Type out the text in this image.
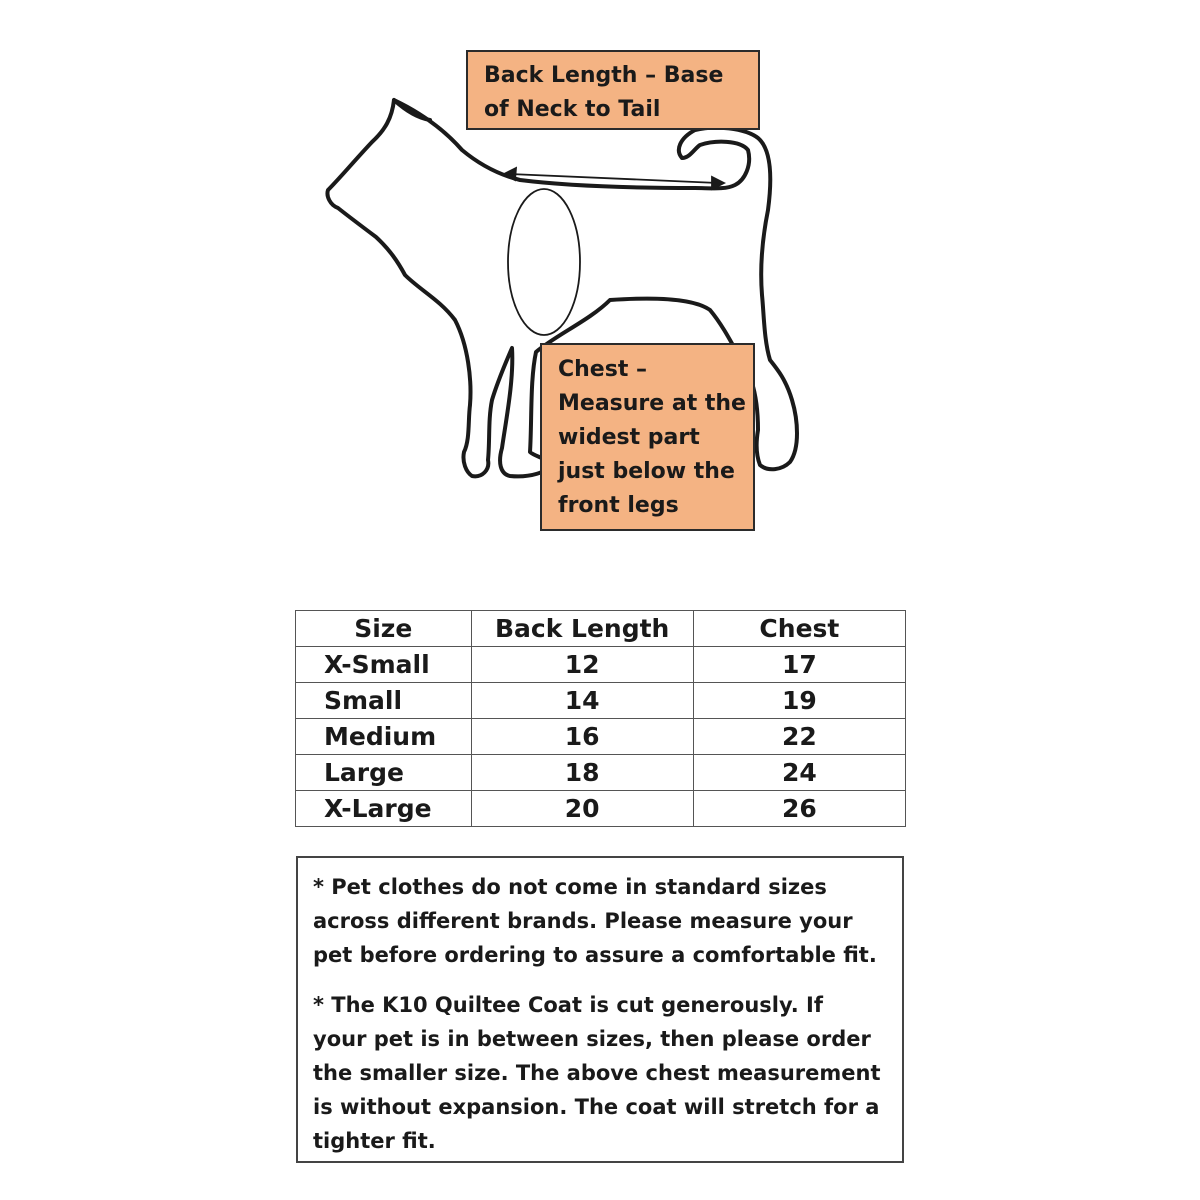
Back Length – Base
of Neck to Tail
Chest –
Measure at the
widest part
just below the
front legs
Size	Back Length	Chest
X-Small	12	17
Small	14	19
Medium	16	22
Large	18	24
X-Large	20	26
* Pet clothes do not come in standard sizes
across different brands. Please measure your
pet before ordering to assure a comfortable fit.
* The K10 Quiltee Coat is cut generously. If
your pet is in between sizes, then please order
the smaller size. The above chest measurement
is without expansion. The coat will stretch for a
tighter fit.
